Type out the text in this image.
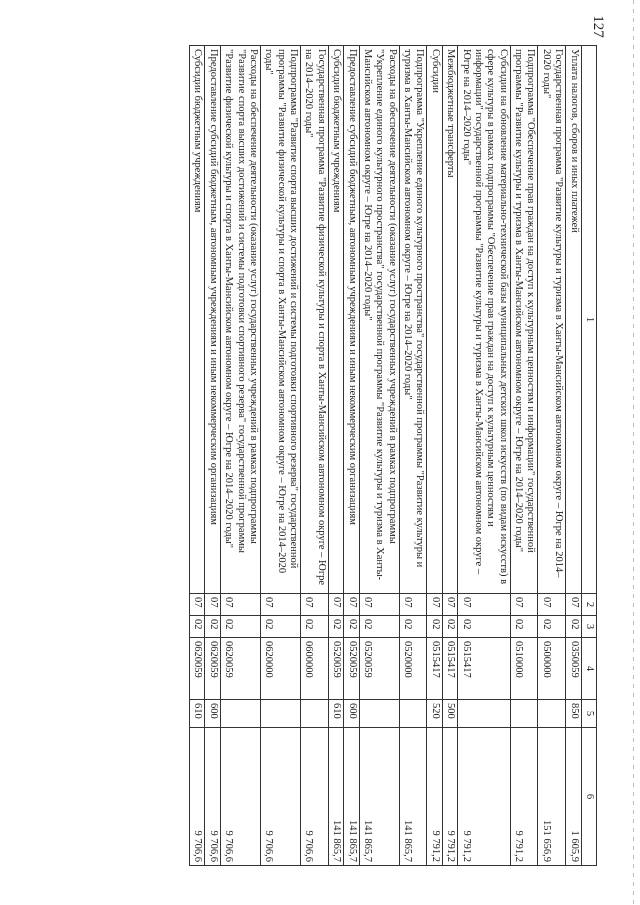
127
1	2	3	4	5	6
Уплата налогов, сборов и иных платежей	07	02	0350059	850	1 605,9
Государственная программа "Развитие культуры и туризма в Ханты-Мансийском автономном округе – Югре на 2014–2020 годы"	07	02	0500000		151 656,9
Подпрограмма "Обеспечение прав граждан на доступ к культурным ценностям и информации" государственной программы "Развитие культуры и туризма в Ханты-Мансийском автономном округе – Югре на 2014–2020 годы"	07	02	0510000		9 791,2
Субсидии на обновление материально-технической базы муниципальных детских школ искусств (по видам искусств) в сфере культуры в рамках подпрограммы "Обеспечение прав граждан на доступ к культурным ценностям и информации" государственной программы "Развитие культуры и туризма в Ханты-Мансийском автономном округе – Югре на 2014–2020 годы"	07	02	0515417		9 791,2
Межбюджетные трансферты	07	02	0515417	500	9 791,2
Субсидии	07	02	0515417	520	9 791,2
Подпрограмма "Укрепление единого культурного пространства" государственной программы "Развитие культуры и туризма в Ханты-Мансийском автономном округе – Югре на 2014–2020 годы"	07	02	0520000		141 865,7
Расходы на обеспечение деятельности (оказание услуг) государственных учреждений в рамках подпрограммы "Укрепление единого культурного пространства" государственной программы "Развитие культуры и туризма в Ханты-Мансийском автономном округе – Югре на 2014–2020 годы"	07	02	0520059		141 865,7
Предоставление субсидий бюджетным, автономным учреждениям и иным некоммерческим организациям	07	02	0520059	600	141 865,7
Субсидии бюджетным учреждениям	07	02	0520059	610	141 865,7
Государственная программа "Развитие физической культуры и спорта в Ханты-Мансийском автономном округе – Югре на 2014–2020 годы"	07	02	0600000		9 706,6
Подпрограмма "Развитие спорта высших достижений и системы подготовки спортивного резерва" государственной программы "Развитие физической культуры и спорта в Ханты-Мансийском автономном округе – Югре на 2014–2020 годы"	07	02	0620000		9 706,6
Расходы на обеспечение деятельности (оказание услуг) государственных учреждений в рамках подпрограммы "Развитие спорта высших достижений и системы подготовки спортивного резерва" государственной программы "Развитие физической культуры и спорта в Ханты-Мансийском автономном округе – Югре на 2014–2020 годы"	07	02	0620059		9 706,6
Предоставление субсидий бюджетным, автономным учреждениям и иным некоммерческим организациям	07	02	0620059	600	9 706,6
Субсидии бюджетным учреждениям	07	02	0620059	610	9 706,6
